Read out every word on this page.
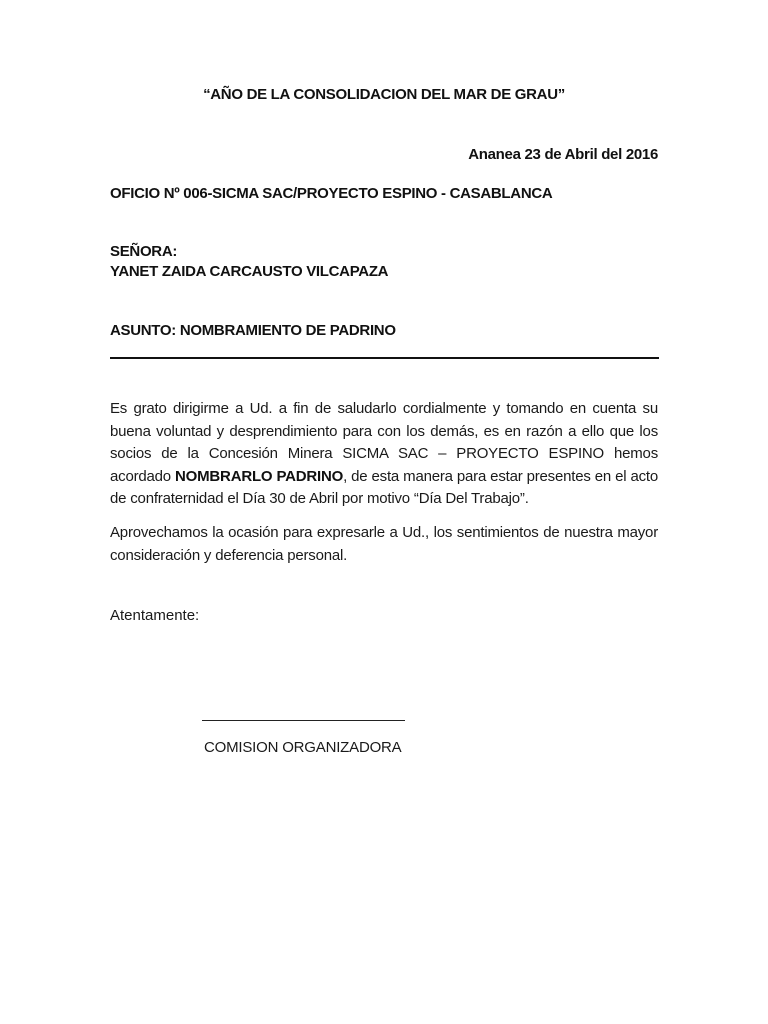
“AÑO DE LA CONSOLIDACION DEL MAR DE GRAU”
Ananea 23 de Abril del 2016
OFICIO Nº 006-SICMA SAC/PROYECTO ESPINO - CASABLANCA
SEÑORA:
YANET ZAIDA CARCAUSTO VILCAPAZA
ASUNTO: NOMBRAMIENTO DE PADRINO
Es grato dirigirme a Ud. a fin de saludarlo cordialmente y tomando en cuenta su buena voluntad y desprendimiento para con los demás, es en razón a ello que los socios de la Concesión Minera SICMA SAC – PROYECTO ESPINO hemos acordado NOMBRARLO PADRINO, de esta manera para estar presentes en el acto de confraternidad el Día 30 de Abril por motivo “Día Del Trabajo”.
Aprovechamos la ocasión para expresarle a Ud., los sentimientos de nuestra mayor consideración y deferencia personal.
Atentamente:
COMISION ORGANIZADORA
